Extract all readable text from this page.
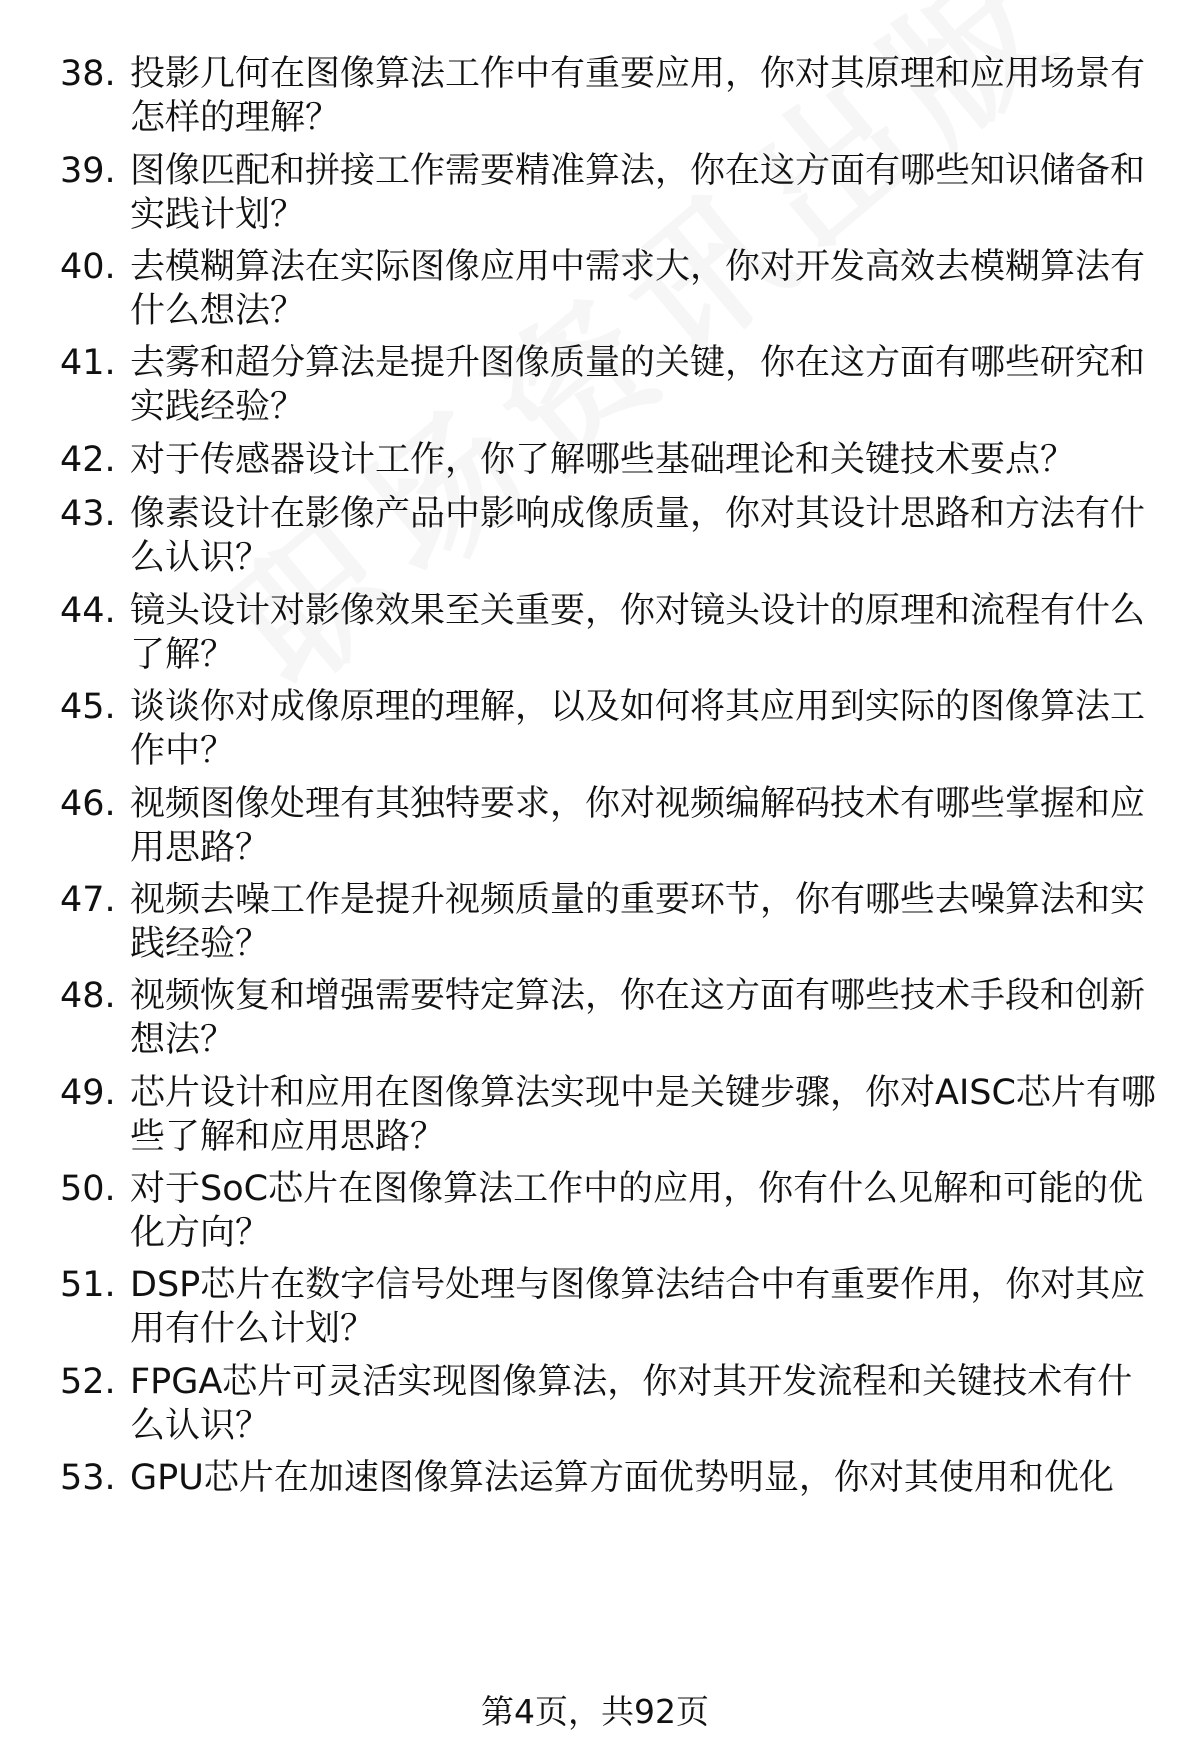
38. 投影几何在图像算法工作中有重要应用，你对其原理和应用场景有怎样的理解？
39. 图像匹配和拼接工作需要精准算法，你在这方面有哪些知识储备和实践计划？
40. 去模糊算法在实际图像应用中需求大，你对开发高效去模糊算法有什么想法？
41. 去雾和超分算法是提升图像质量的关键，你在这方面有哪些研究和实践经验？
42. 对于传感器设计工作，你了解哪些基础理论和关键技术要点？
43. 像素设计在影像产品中影响成像质量，你对其设计思路和方法有什么认识？
44. 镜头设计对影像效果至关重要，你对镜头设计的原理和流程有什么了解？
45. 谈谈你对成像原理的理解，以及如何将其应用到实际的图像算法工作中？
46. 视频图像处理有其独特要求，你对视频编解码技术有哪些掌握和应用思路？
47. 视频去噪工作是提升视频质量的重要环节，你有哪些去噪算法和实践经验？
48. 视频恢复和增强需要特定算法，你在这方面有哪些技术手段和创新想法？
49. 芯片设计和应用在图像算法实现中是关键步骤，你对AISC芯片有哪些了解和应用思路？
50. 对于SoC芯片在图像算法工作中的应用，你有什么见解和可能的优化方向？
51. DSP芯片在数字信号处理与图像算法结合中有重要作用，你对其应用有什么计划？
52. FPGA芯片可灵活实现图像算法，你对其开发流程和关键技术有什么认识？
53. GPU芯片在加速图像算法运算方面优势明显，你对其使用和优化
第4页，共92页
